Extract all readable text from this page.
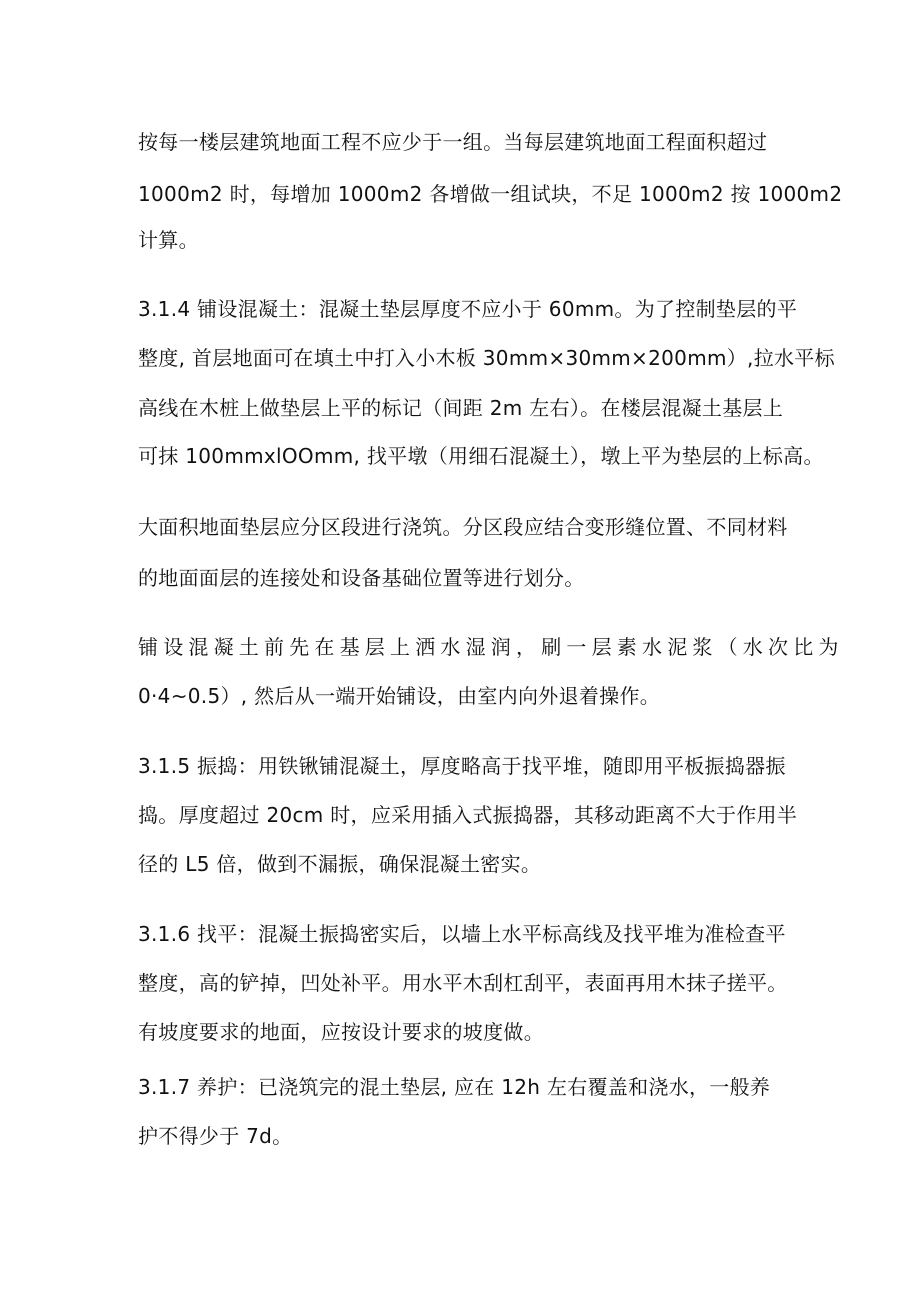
按每一楼层建筑地面工程不应少于一组。当每层建筑地面工程面积超过
1000m2 时，每增加 1000m2 各增做一组试块，不足 1000m2 按 1000m2
计算。
3.1.4 铺设混凝土：混凝土垫层厚度不应小于 60mm。为了控制垫层的平
整度, 首层地面可在填土中打入小木板 30mm×30mm×200mm）,拉水平标
高线在木桩上做垫层上平的标记（间距 2m 左右）。在楼层混凝土基层上
可抹 100mmxlOOmm, 找平墩（用细石混凝土），墩上平为垫层的上标高。
大面积地面垫层应分区段进行浇筑。分区段应结合变形缝位置、不同材料
的地面面层的连接处和设备基础位置等进行划分。
铺设混凝土前先在基层上洒水湿润，刷一层素水泥浆（水次比为
0·4~0.5）, 然后从一端开始铺设，由室内向外退着操作。
3.1.5 振捣：用铁锹铺混凝土，厚度略高于找平堆，随即用平板振捣器振
捣。厚度超过 20cm 时，应采用插入式振捣器，其移动距离不大于作用半
径的 L5 倍，做到不漏振，确保混凝土密实。
3.1.6 找平：混凝土振捣密实后，以墙上水平标高线及找平堆为准检查平
整度，高的铲掉，凹处补平。用水平木刮杠刮平，表面再用木抹子搓平。
有坡度要求的地面，应按设计要求的坡度做。
3.1.7 养护：已浇筑完的混土垫层, 应在 12h 左右覆盖和浇水，一般养
护不得少于 7d。
